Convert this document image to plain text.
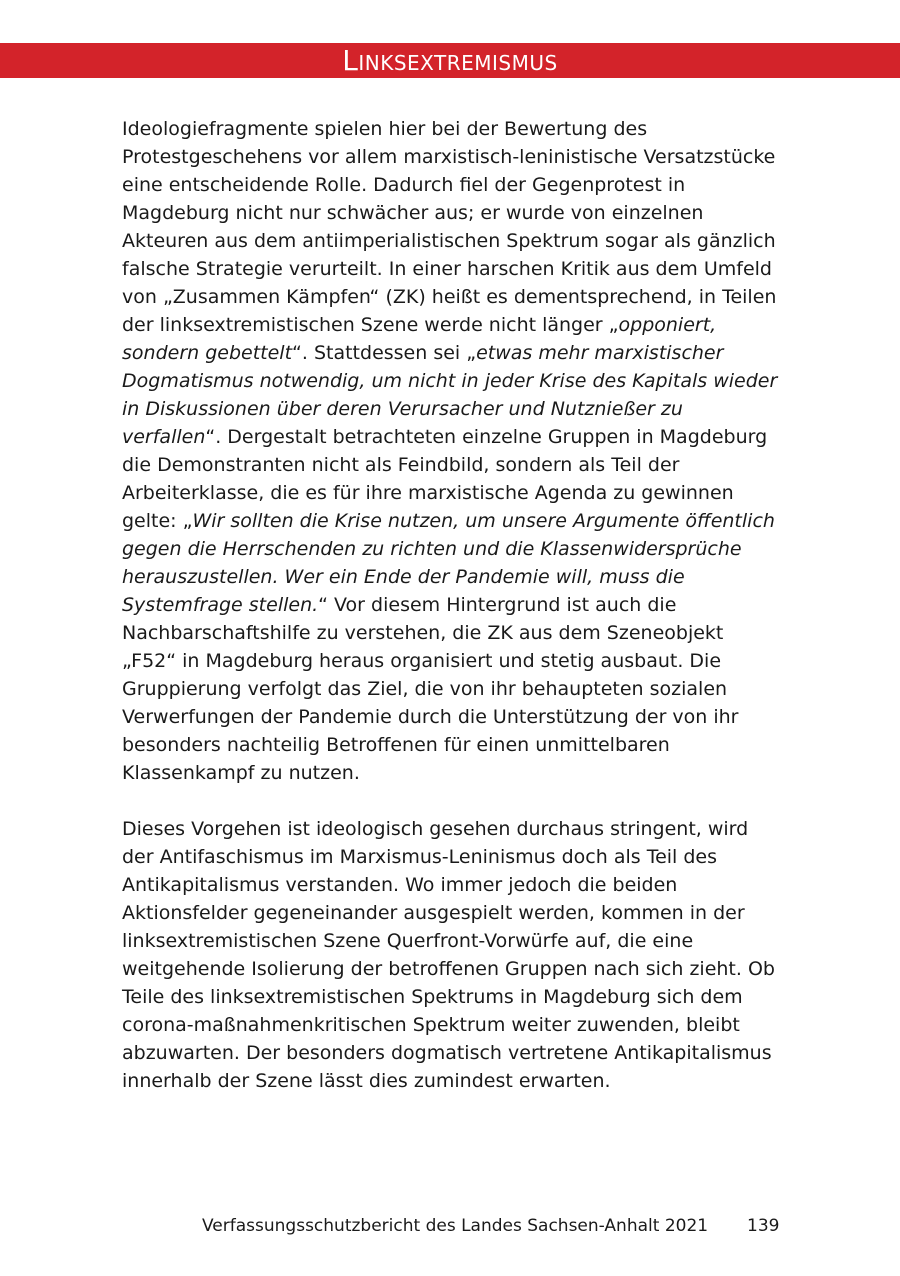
Linksextremismus

Ideologiefragmente spielen hier bei der Bewertung des Protestgeschehens vor allem marxistisch-leninistische Versatzstücke eine entscheidende Rolle. Dadurch fiel der Gegenprotest in Magdeburg nicht nur schwächer aus; er wurde von einzelnen Akteuren aus dem antiimperialistischen Spektrum sogar als gänzlich falsche Strategie verurteilt. In einer harschen Kritik aus dem Umfeld von „Zusammen Kämpfen“ (ZK) heißt es dementsprechend, in Teilen der linksextremistischen Szene werde nicht länger „opponiert, sondern gebettelt“. Stattdessen sei „etwas mehr marxistischer Dogmatismus notwendig, um nicht in jeder Krise des Kapitals wieder in Diskussionen über deren Verursacher und Nutznießer zu verfallen“. Dergestalt betrachteten einzelne Gruppen in Magdeburg die Demonstranten nicht als Feindbild, sondern als Teil der Arbeiterklasse, die es für ihre marxistische Agenda zu gewinnen gelte: „Wir sollten die Krise nutzen, um unsere Argumente öffentlich gegen die Herrschenden zu richten und die Klassenwidersprüche herauszustellen. Wer ein Ende der Pandemie will, muss die Systemfrage stellen.“ Vor diesem Hintergrund ist auch die Nachbarschaftshilfe zu verstehen, die ZK aus dem Szeneobjekt „F52“ in Magdeburg heraus organisiert und stetig ausbaut. Die Gruppierung verfolgt das Ziel, die von ihr behaupteten sozialen Verwerfungen der Pandemie durch die Unterstützung der von ihr besonders nachteilig Betroffenen für einen unmittelbaren Klassenkampf zu nutzen.

Dieses Vorgehen ist ideologisch gesehen durchaus stringent, wird der Antifaschismus im Marxismus-Leninismus doch als Teil des Antikapitalismus verstanden. Wo immer jedoch die beiden Aktionsfelder gegeneinander ausgespielt werden, kommen in der linksextremistischen Szene Querfront-Vorwürfe auf, die eine weitgehende Isolierung der betroffenen Gruppen nach sich zieht. Ob Teile des linksextremistischen Spektrums in Magdeburg sich dem corona-maßnahmenkritischen Spektrum weiter zuwenden, bleibt abzuwarten. Der besonders dogmatisch vertretene Antikapitalismus innerhalb der Szene lässt dies zumindest erwarten.

Verfassungsschutzbericht des Landes Sachsen-Anhalt 2021 139
